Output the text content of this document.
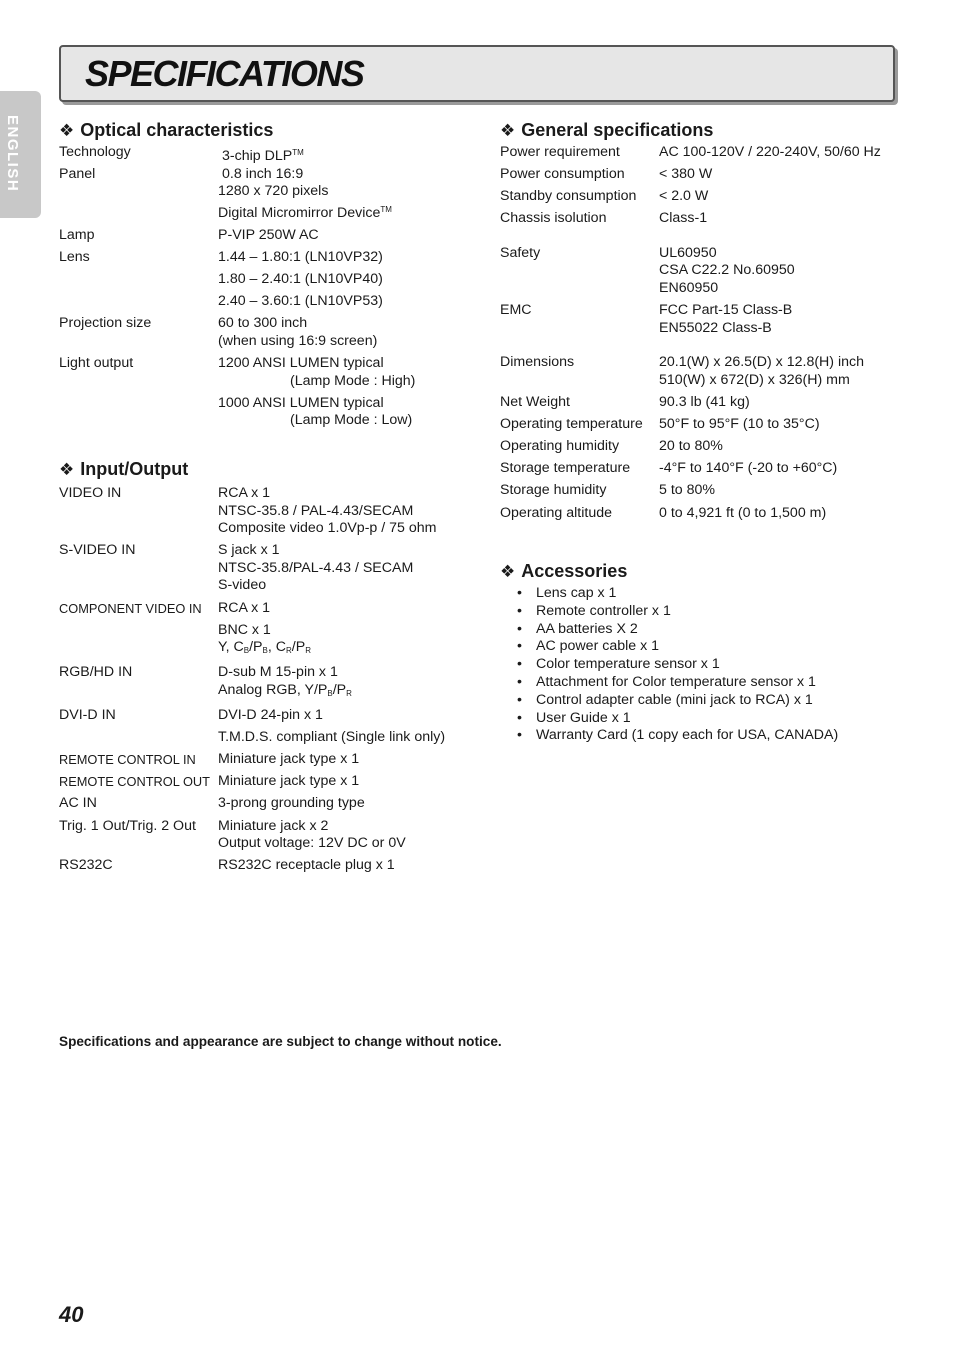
SPECIFICATIONS
ENGLISH ❖ Optical characteristics
Technology	3-chip DLP™

Panel	0.8 inch 16:9
1280 x 720 pixels
Digital Micromirror Device™

Lamp	P-VIP 250W AC

Lens	1.44 – 1.80:1 (LN10VP32)
1.80 – 2.40:1 (LN10VP40)
2.40 – 3.60:1 (LN10VP53)

Projection size	60 to 300 inch
(when using 16:9 screen)

Light output	1200 ANSI LUMEN typical
(Lamp Mode : High)
1000 ANSI LUMEN typical
(Lamp Mode : Low)
❖ Input/Output
VIDEO IN	RCA x 1
NTSC-35.8 / PAL-4.43/SECAM
Composite video 1.0Vp-p / 75 ohm

S-VIDEO IN	S jack x 1
NTSC-35.8/PAL-4.43 / SECAM
S-video

COMPONENT VIDEO IN	RCA x 1
BNC x 1
Y, $C_B/P_B$, $C_R/P_R$

RGB/HD IN	D-sub M 15-pin x 1
Analog RGB, $Y/P_B/P_R$

DVI-D IN	DVI-D 24-pin x 1
T.M.D.S. compliant (Single link only)

REMOTE CONTROL IN	Miniature jack type x 1

REMOTE CONTROL OUT	Miniature jack type x 1

AC IN	3-prong grounding type

Trig. 1 Out/Trig. 2 Out	Miniature jack x 2
Output voltage: 12V DC or 0V

RS232C	RS232C receptacle plug x 1
❖ General specifications
Power requirement	AC 100-120V / 220-240V, 50/60 Hz

Power consumption	< 380 W

Standby consumption	< 2.0 W

Chassis isolution	Class-1

Safety	UL60950
CSA C22.2 No.60950
EN60950

EMC	FCC Part-15 Class-B
EN55022 Class-B

Dimensions	20.1(W) x 26.5(D) x 12.8(H) inch
510(W) x 672(D) x 326(H) mm

Net Weight	90.3 lb (41 kg)

Operating temperature	50°F to 95°F (10 to 35°C)

Operating humidity	20 to 80%

Storage temperature	-4°F to 140°F (-20 to +60°C)

Storage humidity	5 to 80%

Operating altitude	0 to 4,921 ft (0 to 1,500 m)
❖ Accessories
• Lens cap x 1
• Remote controller x 1
• AA batteries X 2
• AC power cable x 1
• Color temperature sensor x 1
• Attachment for Color temperature sensor x 1
• Control adapter cable (mini jack to RCA) x 1
• User Guide x 1
• Warranty Card (1 copy each for USA, CANADA)
Specifications and appearance are subject to change without notice.
40
